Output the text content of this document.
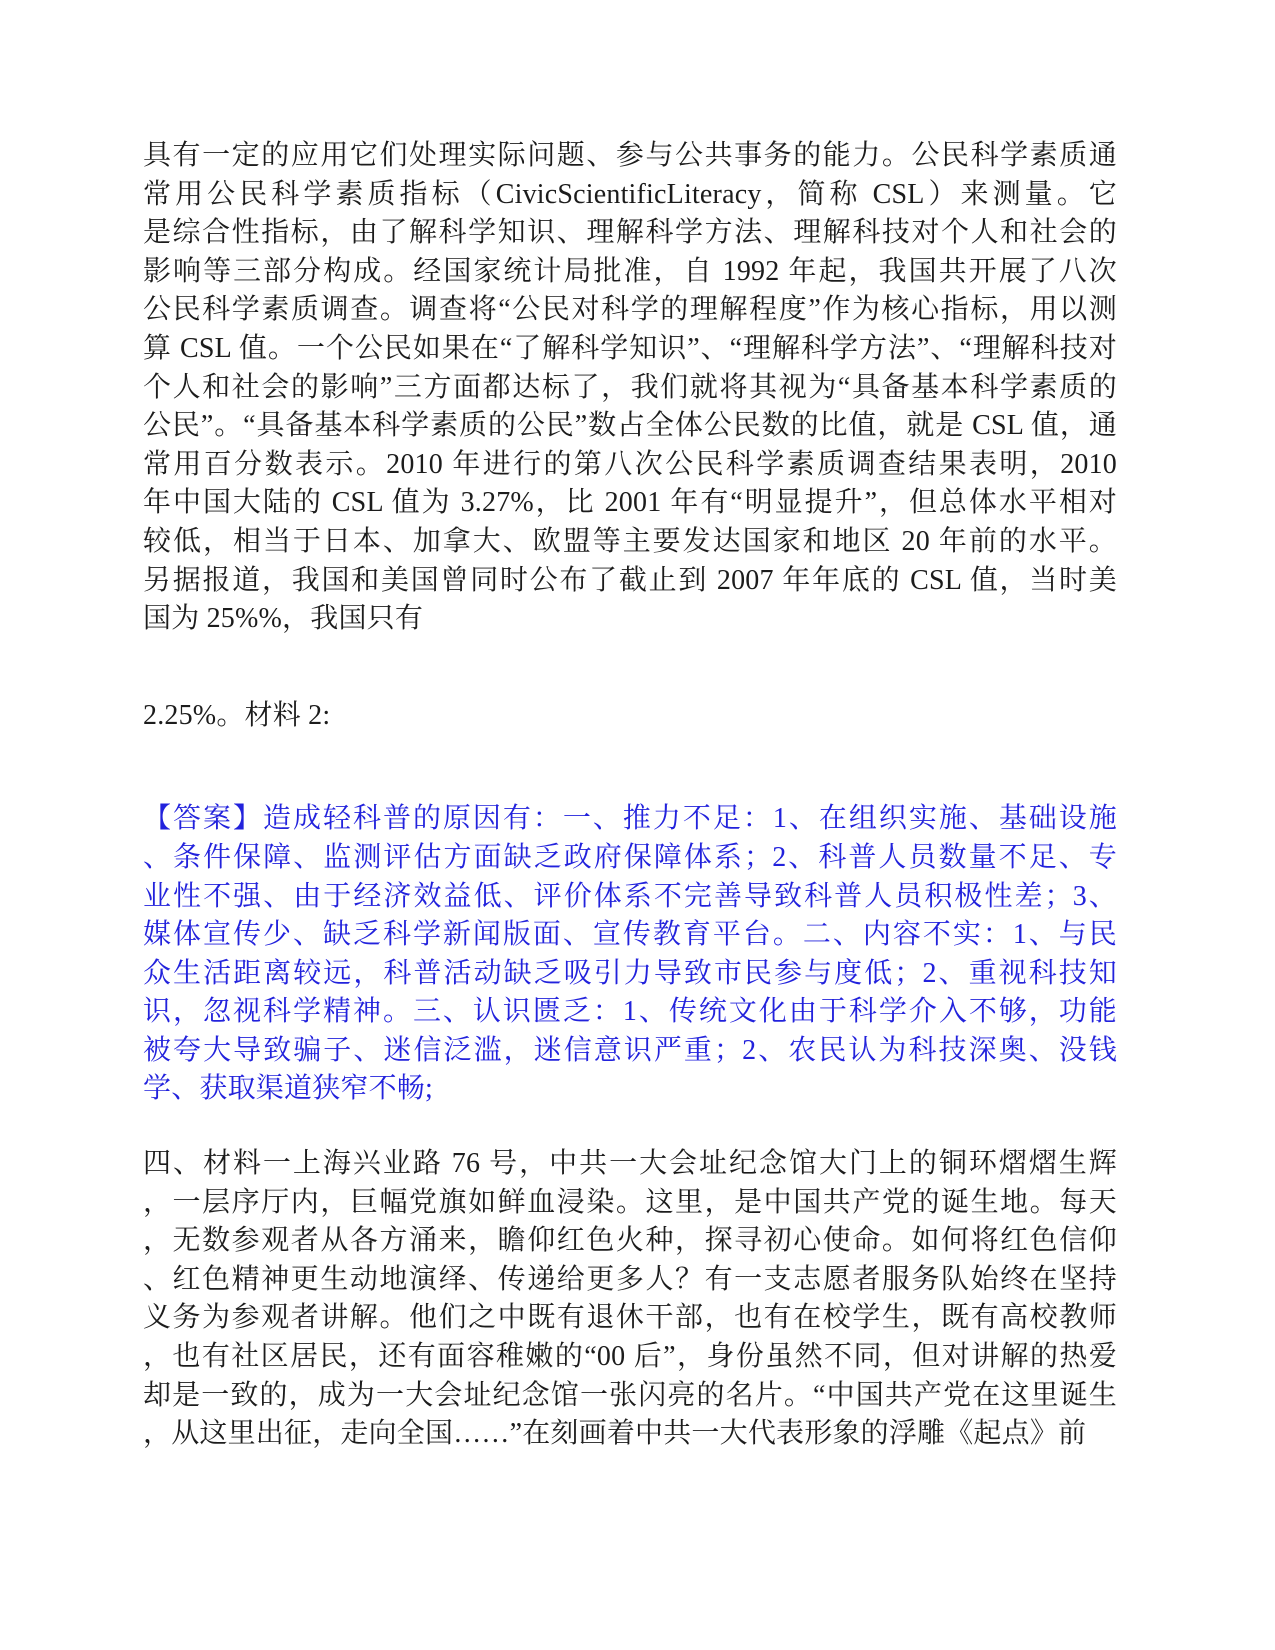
具有一定的应用它们处理实际问题、参与公共事务的能力。公民科学素质通
常用公民科学素质指标（CivicScientificLiteracy，简称 CSL）来测量。它
是综合性指标，由了解科学知识、理解科学方法、理解科技对个人和社会的
影响等三部分构成。经国家统计局批准，自 1992 年起，我国共开展了八次
公民科学素质调查。调查将“公民对科学的理解程度”作为核心指标，用以测
算 CSL 值。一个公民如果在“了解科学知识”、“理解科学方法”、“理解科技对
个人和社会的影响”三方面都达标了，我们就将其视为“具备基本科学素质的
公民”。“具备基本科学素质的公民”数占全体公民数的比值，就是 CSL 值，通
常用百分数表示。2010 年进行的第八次公民科学素质调查结果表明，2010
年中国大陆的 CSL 值为 3.27%，比 2001 年有“明显提升”，但总体水平相对
较低，相当于日本、加拿大、欧盟等主要发达国家和地区 20 年前的水平。
另据报道，我国和美国曾同时公布了截止到 2007 年年底的 CSL 值，当时美
国为 25%%，我国只有
2.25%。材料 2:
【答案】造成轻科普的原因有：一、推力不足：1、在组织实施、基础设施
、条件保障、监测评估方面缺乏政府保障体系；2、科普人员数量不足、专
业性不强、由于经济效益低、评价体系不完善导致科普人员积极性差；3、
媒体宣传少、缺乏科学新闻版面、宣传教育平台。二、内容不实：1、与民
众生活距离较远，科普活动缺乏吸引力导致市民参与度低；2、重视科技知
识，忽视科学精神。三、认识匮乏：1、传统文化由于科学介入不够，功能
被夸大导致骗子、迷信泛滥，迷信意识严重；2、农民认为科技深奥、没钱
学、获取渠道狭窄不畅;
四、材料一上海兴业路 76 号，中共一大会址纪念馆大门上的铜环熠熠生辉
，一层序厅内，巨幅党旗如鲜血浸染。这里，是中国共产党的诞生地。每天
，无数参观者从各方涌来，瞻仰红色火种，探寻初心使命。如何将红色信仰
、红色精神更生动地演绎、传递给更多人？有一支志愿者服务队始终在坚持
义务为参观者讲解。他们之中既有退休干部，也有在校学生，既有高校教师
，也有社区居民，还有面容稚嫩的“00 后”，身份虽然不同，但对讲解的热爱
却是一致的，成为一大会址纪念馆一张闪亮的名片。“中国共产党在这里诞生
，从这里出征，走向全国……”在刻画着中共一大代表形象的浮雕《起点》前
